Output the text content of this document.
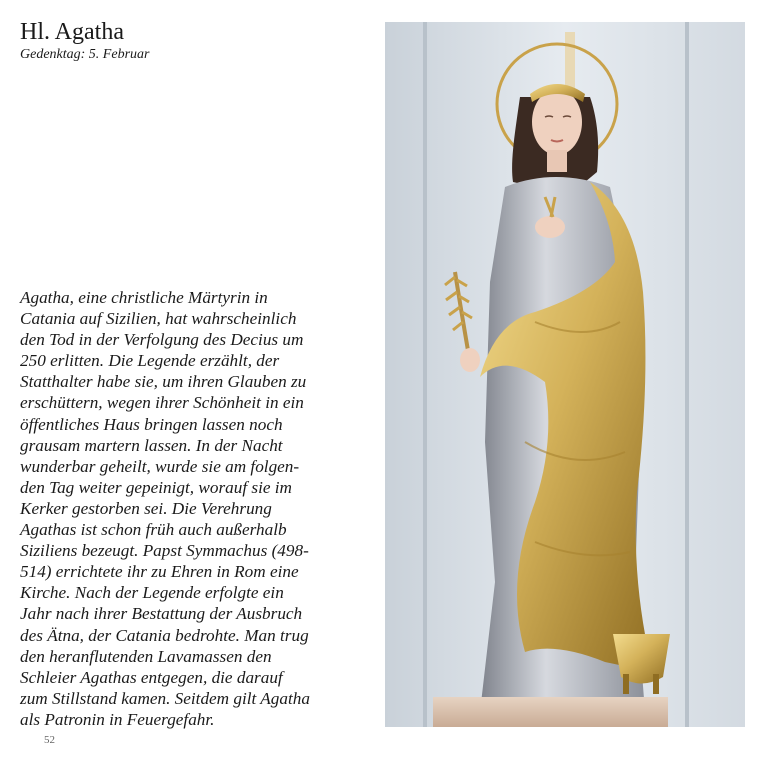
Hl. Agatha
Gedenktag: 5. Februar
Agatha, eine christliche Märtyrin in
Catania auf Sizilien, hat wahrscheinlich
den Tod in der Verfolgung des Decius um
250 erlitten. Die Legende erzählt, der
Statthalter habe sie, um ihren Glauben zu
erschüttern, wegen ihrer Schönheit in ein
öffentliches Haus bringen lassen noch
grausam martern lassen. In der Nacht
wunderbar geheilt, wurde sie am folgen-
den Tag weiter gepeinigt, worauf sie im
Kerker gestorben sei. Die Verehrung
Agathas ist schon früh auch außerhalb
Siziliens bezeugt. Papst Symmachus (498-
514) errichtete ihr zu Ehren in Rom eine
Kirche. Nach der Legende erfolgte ein
Jahr nach ihrer Bestattung der Ausbruch
des Ätna, der Catania bedrohte. Man trug
den heranflutenden Lavamassen den
Schleier Agathas entgegen, die darauf
zum Stillstand kamen. Seitdem gilt Agatha
als Patronin in Feuergefahr.
52
